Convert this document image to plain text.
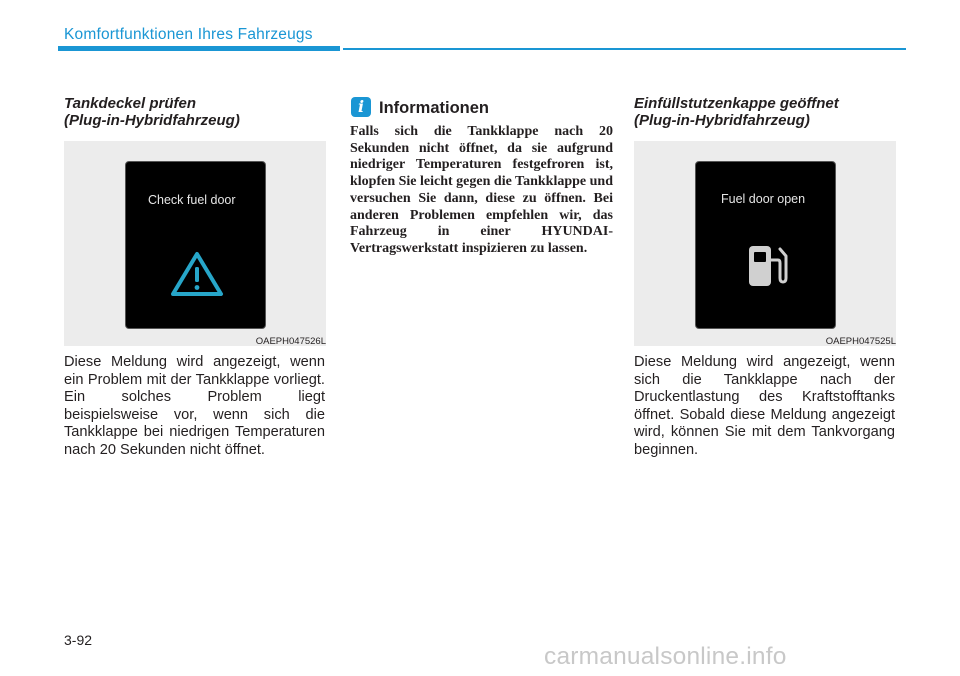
Komfortfunktionen Ihres Fahrzeugs
Tankdeckel prüfen
(Plug-in-Hybridfahrzeug)
Check fuel door
OAEPH047526L
Diese Meldung wird angezeigt, wenn ein Problem mit der Tankklappe vorliegt. Ein solches Problem liegt beispielsweise vor, wenn sich die Tankklappe bei niedrigen Temperaturen nach 20 Sekunden nicht öffnet.
i Informationen
Falls sich die Tankklappe nach 20 Sekunden nicht öffnet, da sie aufgrund niedriger Temperaturen festgefroren ist, klopfen Sie leicht gegen die Tankklappe und versuchen Sie dann, diese zu öffnen. Bei anderen Problemen empfehlen wir, das Fahrzeug in einer HYUNDAI-Vertragswerkstatt inspizieren zu lassen.
Einfüllstutzenkappe geöffnet
(Plug-in-Hybridfahrzeug)
Fuel door open
OAEPH047525L
Diese Meldung wird angezeigt, wenn sich die Tankklappe nach der Druckentlastung des Kraftstofftanks öffnet. Sobald diese Meldung angezeigt wird, können Sie mit dem Tankvorgang beginnen.
3-92
carmanualsonline.info
